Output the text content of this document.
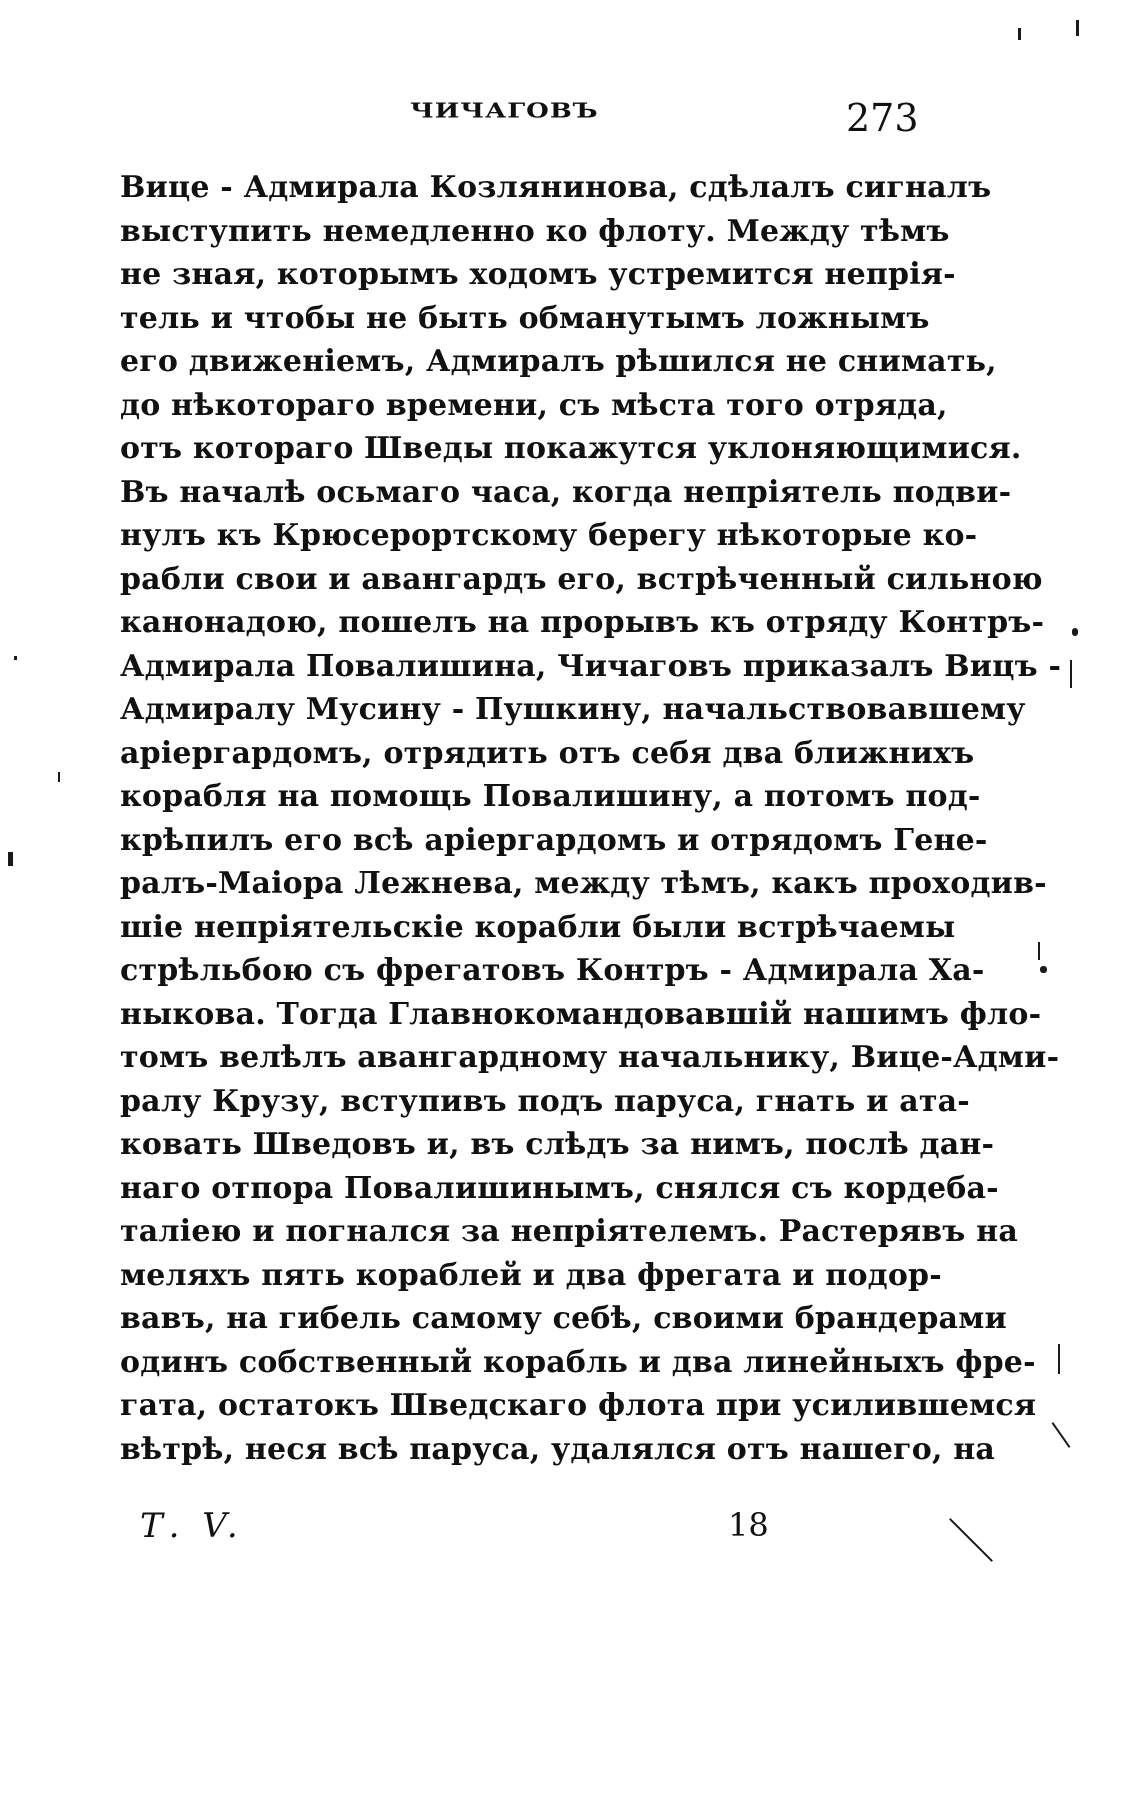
ЧИЧАГОВЪ	273
Вице - Адмирала Козлянинова, сдѣлалъ сигналъ
выступить немедленно ко флоту. Между тѣмъ
не зная, которымъ ходомъ устремится непрiя-
тель и чтобы не быть обманутымъ ложнымъ
его движенiемъ, Адмиралъ рѣшился не снимать,
до нѣкотораго времени, съ мѣста того отряда,
отъ котораго Шведы покажутся уклоняющимися.
Въ началѣ осьмаго часа, когда непрiятель подви-
нулъ къ Крюсерортскому берегу нѣкоторые ко-
рабли свои и авангардъ его, встрѣченный сильною
канонадою, пошелъ на прорывъ къ отряду Контръ-
Адмирала Повалишина, Чичаговъ приказалъ Вицъ -
Адмиралу Мусину - Пушкину, начальствовавшему
арiергардомъ, отрядить отъ себя два ближнихъ
корабля на помощь Повалишину, а потомъ под-
крѣпилъ его всѣ арiергардомъ и отрядомъ Гене-
ралъ-Маiора Лежнева, между тѣмъ, какъ проходив-
шiе непрiятельскiе корабли были встрѣчаемы
стрѣльбою съ фрегатовъ Контръ - Адмирала Ха-
ныкова. Тогда Главнокомандовавшiй нашимъ фло-
томъ велѣлъ авангардному начальнику, Вице-Адми-
ралу Крузу, вступивъ подъ паруса, гнать и ата-
ковать Шведовъ и, въ слѣдъ за нимъ, послѣ дан-
наго отпора Повалишинымъ, снялся съ кордеба-
талiею и погнался за непрiятелемъ. Растерявъ на
меляхъ пять кораблей и два фрегата и подор-
вавъ, на гибель самому себѣ, своими брандерами
одинъ собственный корабль и два линейныхъ фре-
гата, остатокъ Шведскаго флота при усилившемся
вѣтрѣ, неся всѣ паруса, удалялся отъ нашего, на
Т. V.	18
